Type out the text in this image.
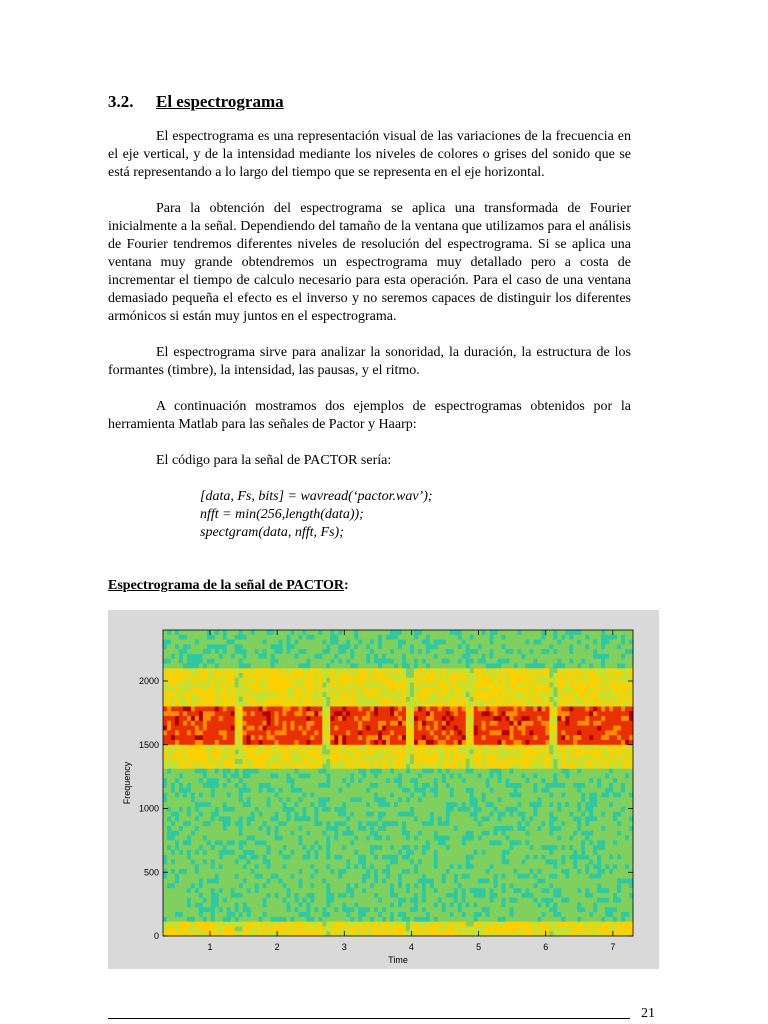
3.2. El espectrograma

El espectrograma es una representación visual de las variaciones de la frecuencia en el eje vertical, y de la intensidad mediante los niveles de colores o grises del sonido que se está representando a lo largo del tiempo que se representa en el eje horizontal.

Para la obtención del espectrograma se aplica una transformada de Fourier inicialmente a la señal. Dependiendo del tamaño de la ventana que utilizamos para el análisis de Fourier tendremos diferentes niveles de resolución del espectrograma. Si se aplica una ventana muy grande obtendremos un espectrograma muy detallado pero a costa de incrementar el tiempo de calculo necesario para esta operación. Para el caso de una ventana demasiado pequeña el efecto es el inverso y no seremos capaces de distinguir los diferentes armónicos si están muy juntos en el espectrograma.

El espectrograma sirve para analizar la sonoridad, la duración, la estructura de los formantes (timbre), la intensidad, las pausas, y el ritmo.

A continuación mostramos dos ejemplos de espectrogramas obtenidos por la herramienta Matlab para las señales de Pactor y Haarp:

El código para la señal de PACTOR sería:

[data, Fs, bits] = wavread(‘pactor.wav’);
nfft = min(256,length(data));
spectgram(data, nfft, Fs);
Espectrograma de la señal de PACTOR:
1	2	3	4	5	6	7
0
500
1000
1500
2000
Time
Frequency
21
